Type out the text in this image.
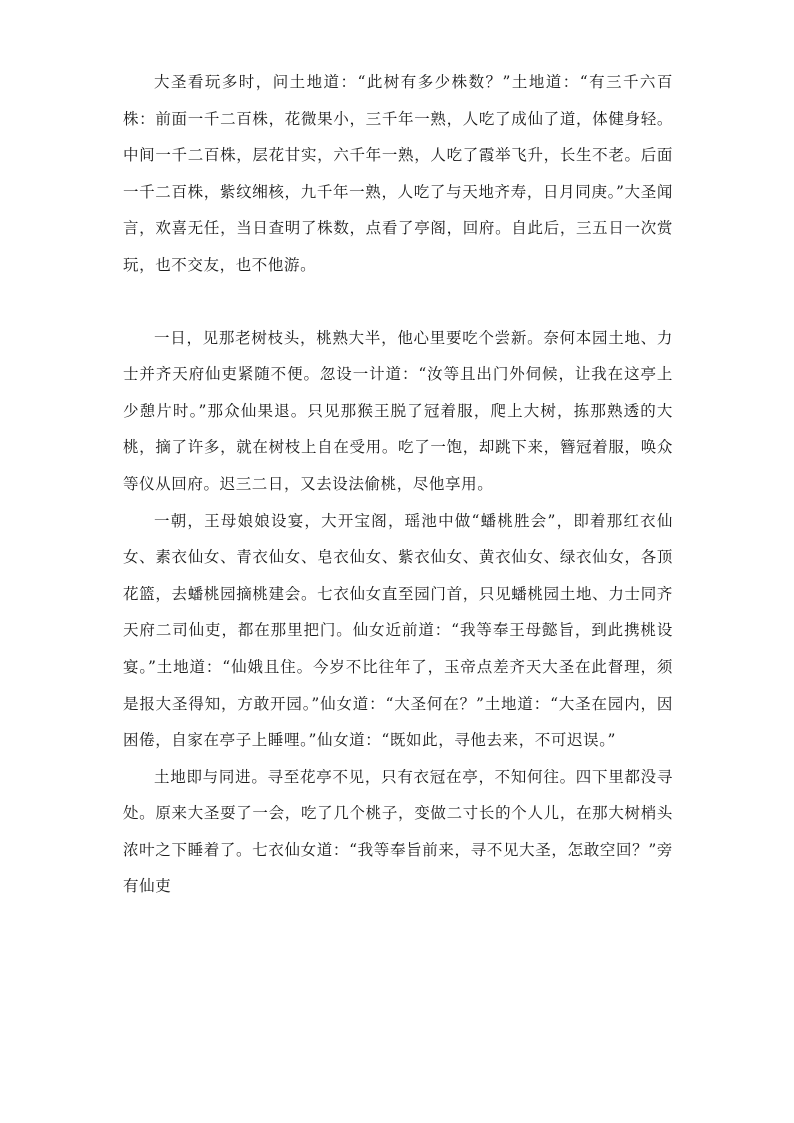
大圣看玩多时，问土地道：“此树有多少株数？”土地道：“有三千六百株：前面一千二百株，花微果小，三千年一熟，人吃了成仙了道，体健身轻。中间一千二百株，层花甘实，六千年一熟，人吃了霞举飞升，长生不老。后面一千二百株，紫纹缃核，九千年一熟，人吃了与天地齐寿，日月同庚。”大圣闻言，欢喜无任，当日查明了株数，点看了亭阁，回府。自此后，三五日一次赏玩，也不交友，也不他游。

一日，见那老树枝头，桃熟大半，他心里要吃个尝新。奈何本园土地、力士并齐天府仙吏紧随不便。忽设一计道：“汝等且出门外伺候，让我在这亭上少憩片时。”那众仙果退。只见那猴王脱了冠着服，爬上大树，拣那熟透的大桃，摘了许多，就在树枝上自在受用。吃了一饱，却跳下来，簪冠着服，唤众等仪从回府。迟三二日，又去设法偷桃，尽他享用。

一朝，王母娘娘设宴，大开宝阁，瑶池中做“蟠桃胜会”，即着那红衣仙女、素衣仙女、青衣仙女、皂衣仙女、紫衣仙女、黄衣仙女、绿衣仙女，各顶花篮，去蟠桃园摘桃建会。七衣仙女直至园门首，只见蟠桃园土地、力士同齐天府二司仙吏，都在那里把门。仙女近前道：“我等奉王母懿旨，到此携桃设宴。”土地道：“仙娥且住。今岁不比往年了，玉帝点差齐天大圣在此督理，须是报大圣得知，方敢开园。”仙女道：“大圣何在？”土地道：“大圣在园内，因困倦，自家在亭子上睡哩。”仙女道：“既如此，寻他去来，不可迟误。”

土地即与同进。寻至花亭不见，只有衣冠在亭，不知何往。四下里都没寻处。原来大圣耍了一会，吃了几个桃子，变做二寸长的个人儿，在那大树梢头浓叶之下睡着了。七衣仙女道：“我等奉旨前来，寻不见大圣，怎敢空回？”旁有仙吏
